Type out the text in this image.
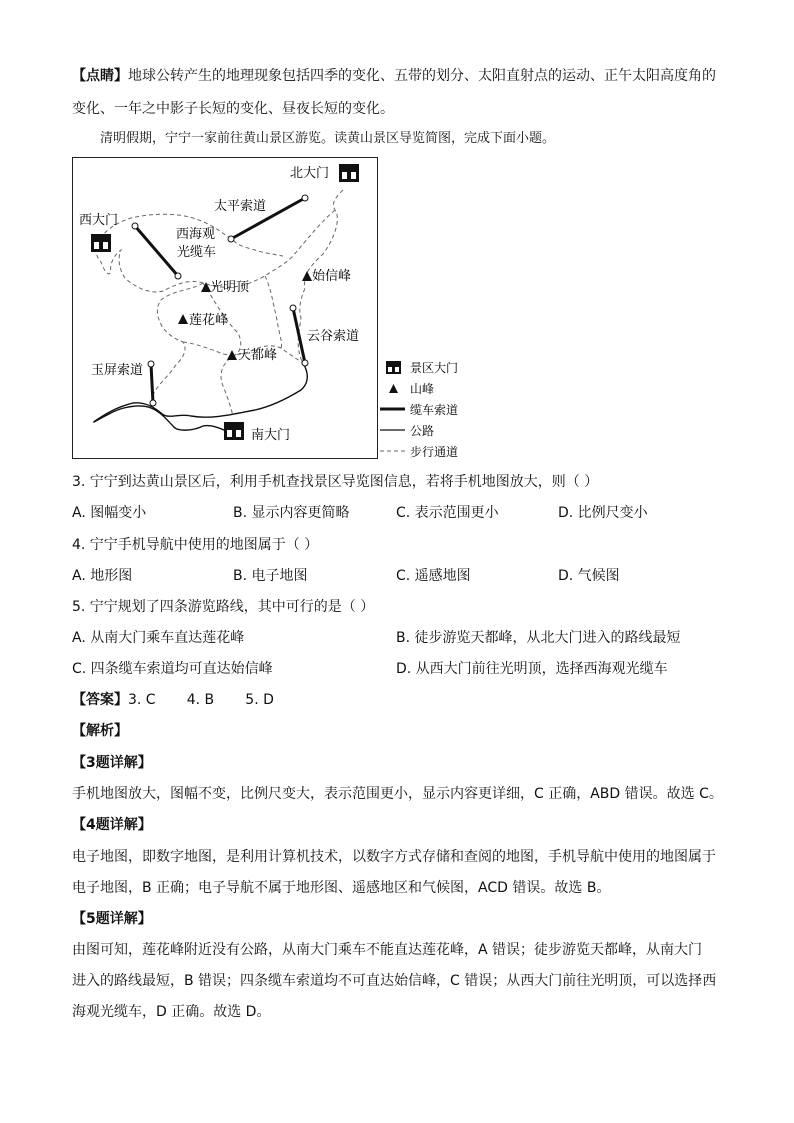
【点睛】地球公转产生的地理现象包括四季的变化、五带的划分、太阳直射点的运动、正午太阳高度角的
变化、一年之中影子长短的变化、昼夜长短的变化。
清明假期，宁宁一家前往黄山景区游览。读黄山景区导览简图，完成下面小题。
北大门
西大门
南大门
太平索道
西海观
光缆车
光明顶
始信峰
莲花峰
天都峰
云谷索道
玉屏索道	景区大门
山峰
缆车索道
公路
步行通道
3. 宁宁到达黄山景区后，利用手机查找景区导览图信息，若将手机地图放大，则（ ）
A. 图幅变小	B. 显示内容更简略	C. 表示范围更小	D. 比例尺变小
4. 宁宁手机导航中使用的地图属于（ ）
A. 地形图	B. 电子地图	C. 遥感地图	D. 气候图
5. 宁宁规划了四条游览路线，其中可行的是（ ）
A. 从南大门乘车直达莲花峰	B. 徒步游览天都峰，从北大门进入的路线最短
C. 四条缆车索道均可直达始信峰	D. 从西大门前往光明顶，选择西海观光缆车
【答案】3. C       4. B       5. D
【解析】
【3题详解】
手机地图放大，图幅不变，比例尺变大，表示范围更小，显示内容更详细，C 正确，ABD 错误。故选 C。
【4题详解】
电子地图，即数字地图，是利用计算机技术，以数字方式存储和查阅的地图，手机导航中使用的地图属于
电子地图，B 正确；电子导航不属于地形图、遥感地区和气候图，ACD 错误。故选 B。
【5题详解】
由图可知，莲花峰附近没有公路，从南大门乘车不能直达莲花峰，A 错误；徒步游览天都峰，从南大门
进入的路线最短，B 错误；四条缆车索道均不可直达始信峰，C 错误；从西大门前往光明顶，可以选择西
海观光缆车，D 正确。故选 D。
